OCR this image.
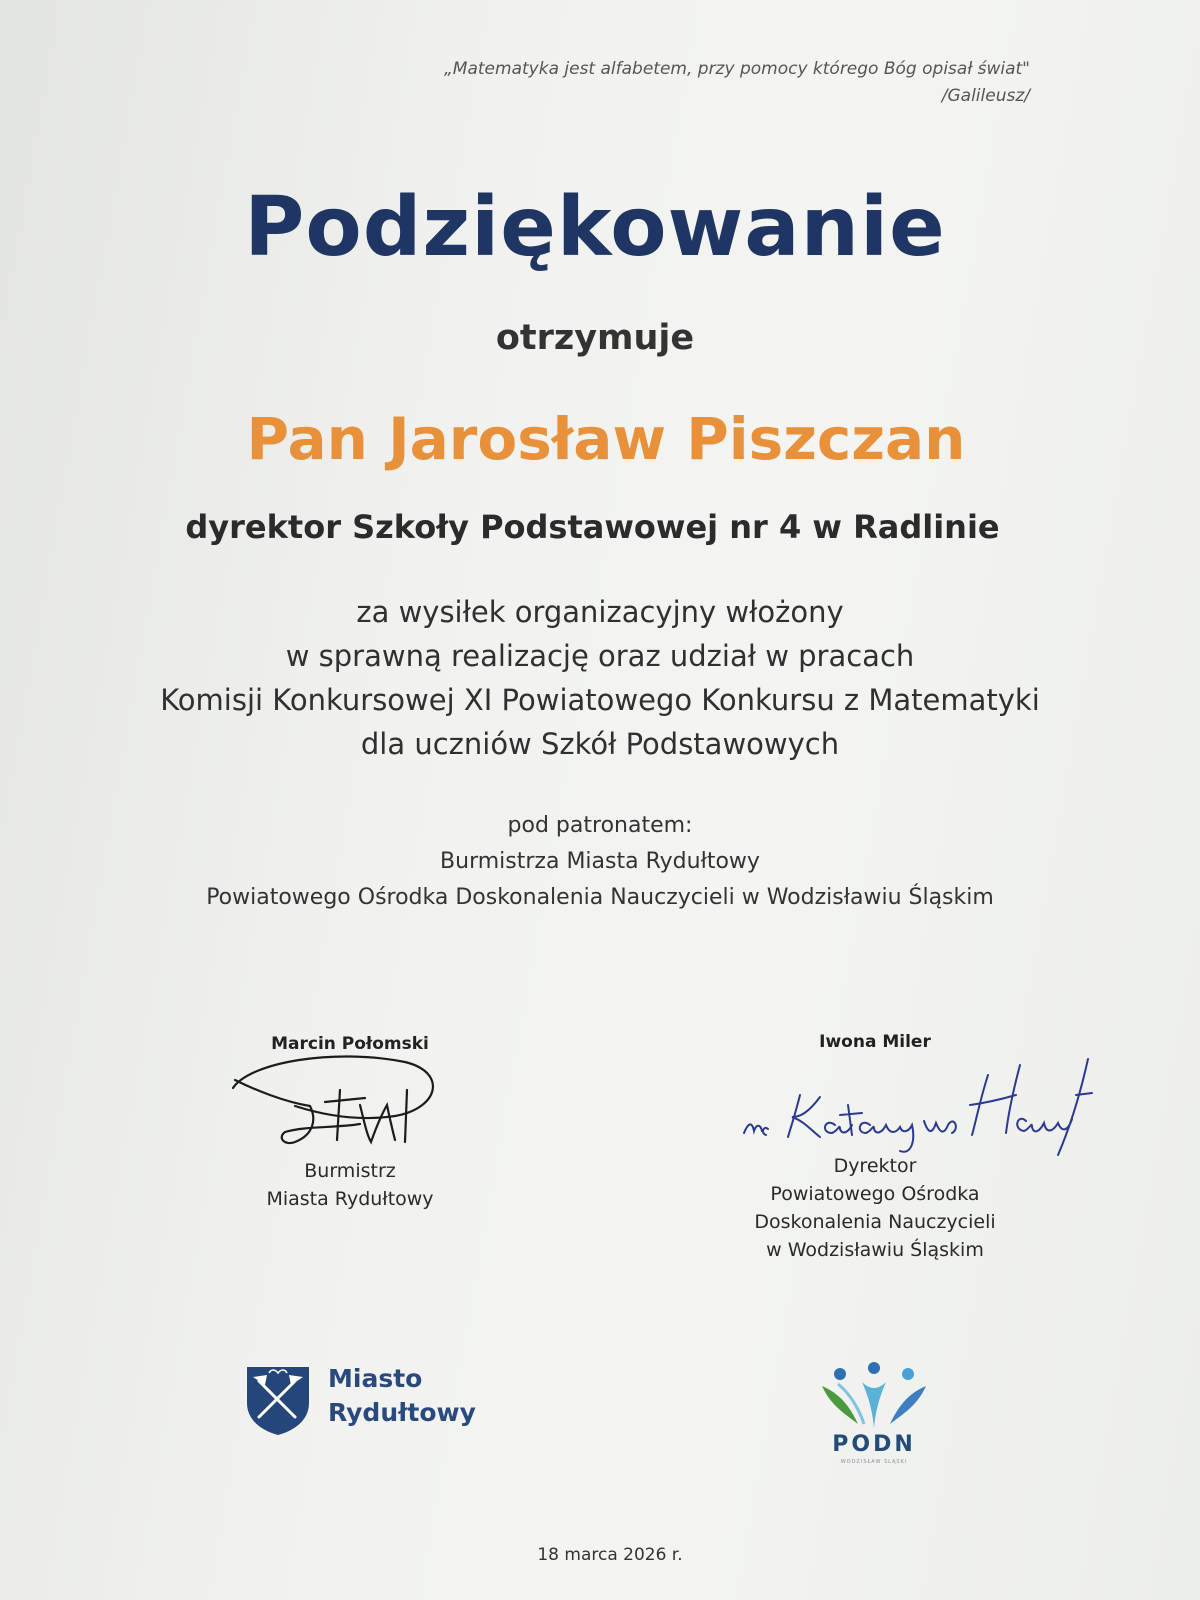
„Matematyka jest alfabetem, przy pomocy którego Bóg opisał świat"
/Galileusz/
Podziękowanie
otrzymuje
Pan Jarosław Piszczan
dyrektor Szkoły Podstawowej nr 4 w Radlinie
za wysiłek organizacyjny włożony
w sprawną realizację oraz udział w pracach
Komisji Konkursowej XI Powiatowego Konkursu z Matematyki
dla uczniów Szkół Podstawowych
pod patronatem:
Burmistrza Miasta Rydułtowy
Powiatowego Ośrodka Doskonalenia Nauczycieli w Wodzisławiu Śląskim
Marcin Połomski
Burmistrz
Miasta Rydułtowy
Iwona Miler
Dyrektor
Powiatowego Ośrodka
Doskonalenia Nauczycieli
w Wodzisławiu Śląskim
Miasto
Rydułtowy
PODN
WODZISŁAW ŚLĄSKI
18 marca 2026 r.
